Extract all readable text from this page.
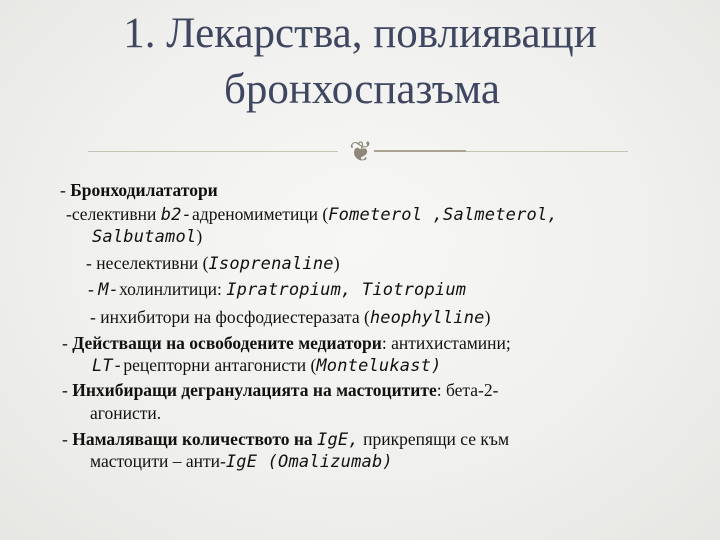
1. Лекарства, повлияващи
бронхоспазъма
❦
- Бронходилататори
-селективни b2-адреномиметици (Fometerol ,Salmeterol,
Salbutamol)
- неселективни (Isoprenaline)
- M-холинлитици: Ipratropium, Tiotropium
- инхибитори на фосфодиестеразата (heophylline)
- Действащи на освободените медиатори: антихистамини;
LT-рецепторни антагонисти (Montelukast)
- Инхибиращи дегранулацията на мастоцитите: бета-2-
агонисти.
- Намаляващи количеството на IgE, прикрепящи се към
мастоцити – анти-IgE (Omalizumab)
